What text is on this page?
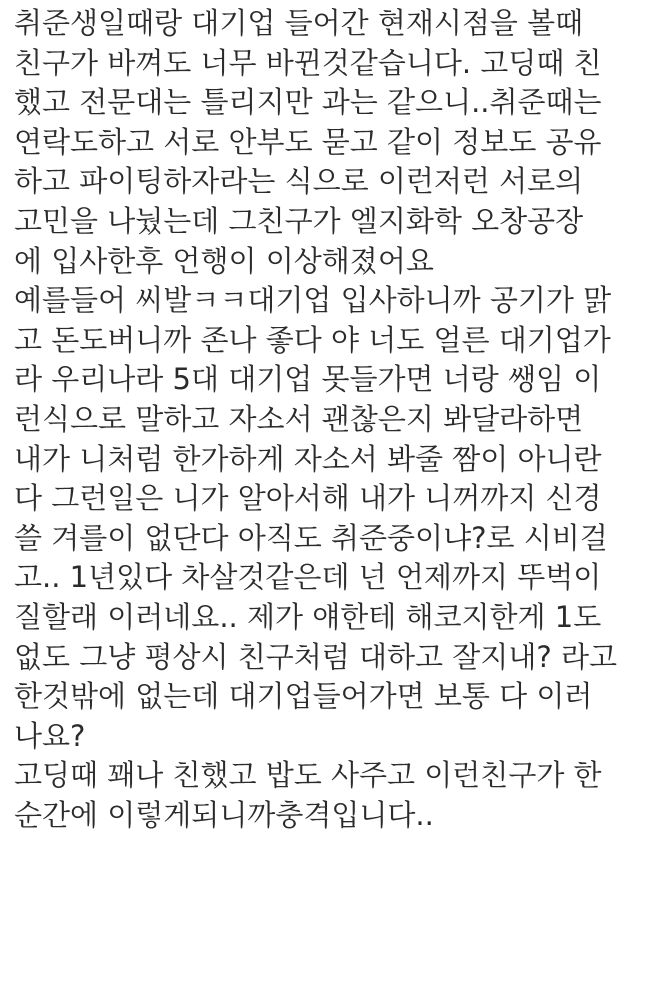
취준생일때랑 대기업 들어간 현재시점을 볼때
친구가 바껴도 너무 바뀐것같습니다. 고딩때 친
했고 전문대는 틀리지만 과는 같으니..취준때는
연락도하고 서로 안부도 묻고 같이 정보도 공유
하고 파이팅하자라는 식으로 이런저런 서로의
고민을 나눴는데 그친구가 엘지화학 오창공장
에 입사한후 언행이 이상해졌어요
예를들어 씨발ㅋㅋ대기업 입사하니까 공기가 맑
고 돈도버니까 존나 좋다 야 너도 얼른 대기업가
라 우리나라 5대 대기업 못들가면 너랑 쌩임 이
런식으로 말하고 자소서 괜찮은지 봐달라하면
내가 니처럼 한가하게 자소서 봐줄 짬이 아니란
다 그런일은 니가 알아서해 내가 니꺼까지 신경
쓸 겨를이 없단다 아직도 취준중이냐?로 시비걸
고.. 1년있다 차살것같은데 넌 언제까지 뚜벅이
질할래 이러네요.. 제가 얘한테 해코지한게 1도
없도 그냥 평상시 친구처럼 대하고 잘지내? 라고
한것밖에 없는데 대기업들어가면 보통 다 이러
나요?
고딩때 꽤나 친했고 밥도 사주고 이런친구가 한
순간에 이렇게되니까충격입니다..
